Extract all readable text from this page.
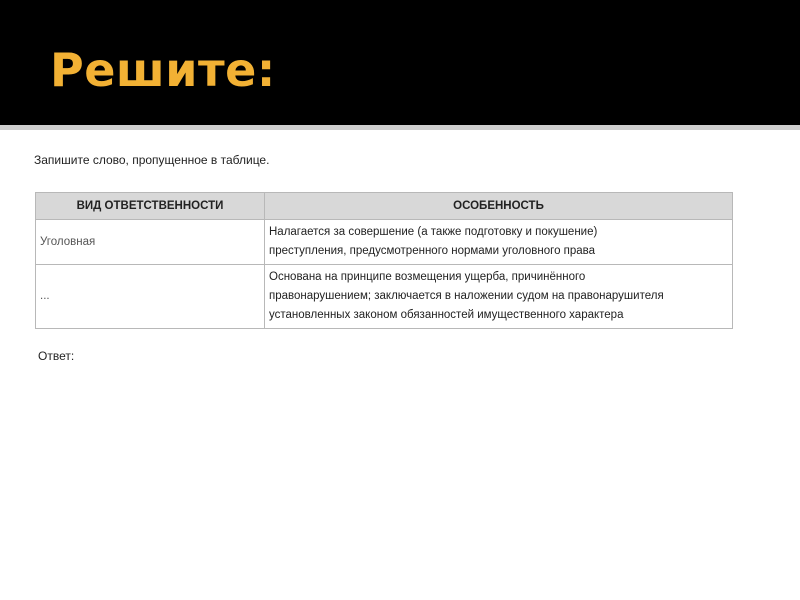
Решите:

Запишите слово, пропущенное в таблице.

ВИД ОТВЕТСТВЕННОСТИ	ОСОБЕННОСТЬ
Уголовная	Налагается за совершение (а также подготовку и покушение)
преступления, предусмотренного нормами уголовного права

...	Основана на принципе возмещения ущерба, причинённого
правонарушением; заключается в наложении судом на правонарушителя
установленных законом обязанностей имущественного характера

Ответ:
